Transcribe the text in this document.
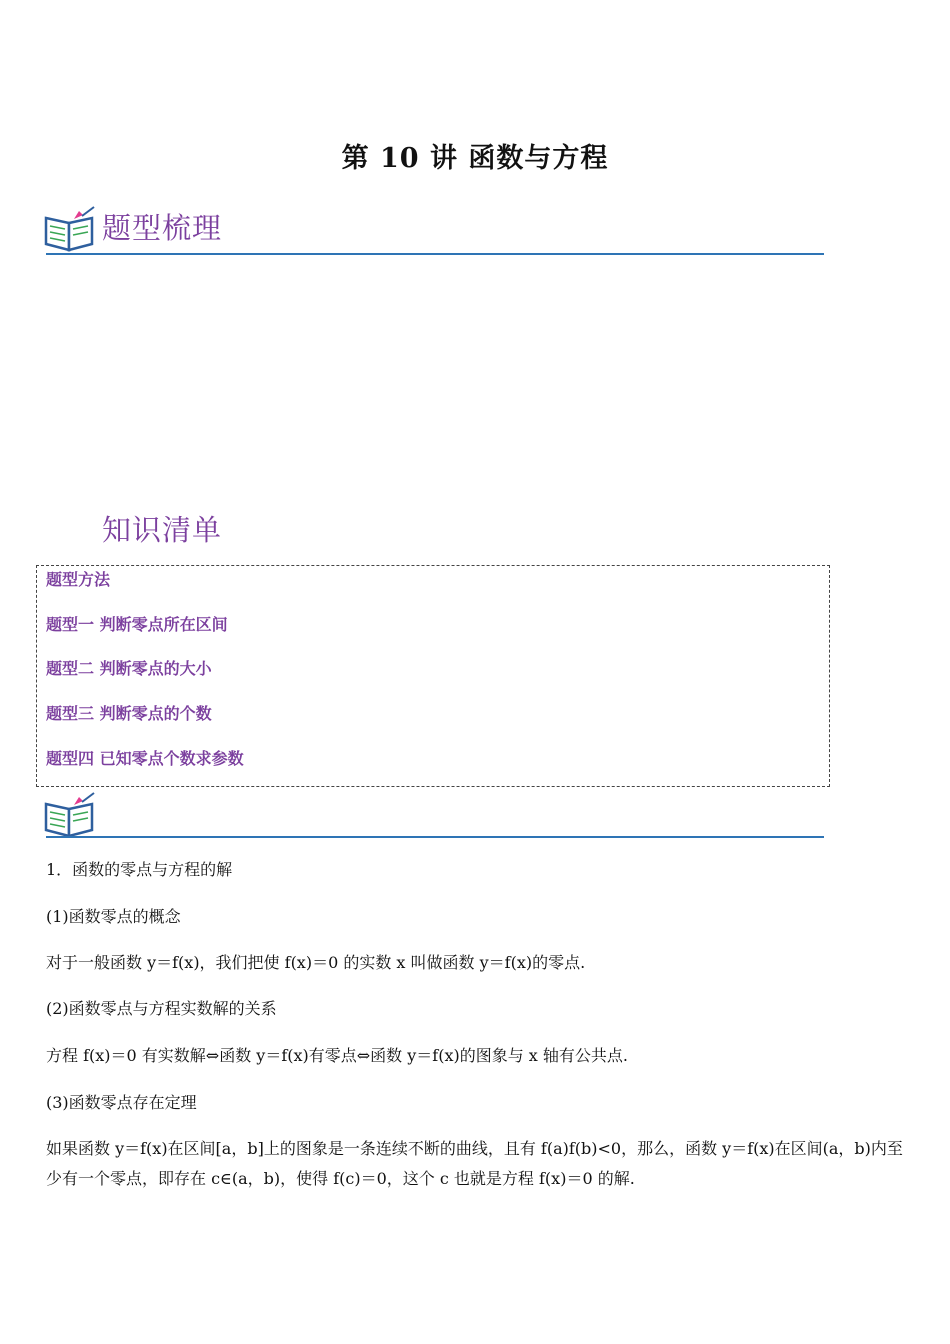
第 10 讲 函数与方程
题型梳理
知识清单
题型方法
题型一 判断零点所在区间
题型二 判断零点的大小
题型三 判断零点的个数
题型四 已知零点个数求参数
1．函数的零点与方程的解
(1)函数零点的概念
对于一般函数 y＝f(x)，我们把使 f(x)＝0 的实数 x 叫做函数 y＝f(x)的零点.
(2)函数零点与方程实数解的关系
方程 f(x)＝0 有实数解⇔函数 y＝f(x)有零点⇔函数 y＝f(x)的图象与 x 轴有公共点.
(3)函数零点存在定理
如果函数 y＝f(x)在区间[a，b]上的图象是一条连续不断的曲线，且有 f(a)f(b)<0，那么，函数 y＝f(x)在区间(a，b)内至少有一个零点，即存在 c∈(a，b)，使得 f(c)＝0，这个 c 也就是方程 f(x)＝0 的解.
